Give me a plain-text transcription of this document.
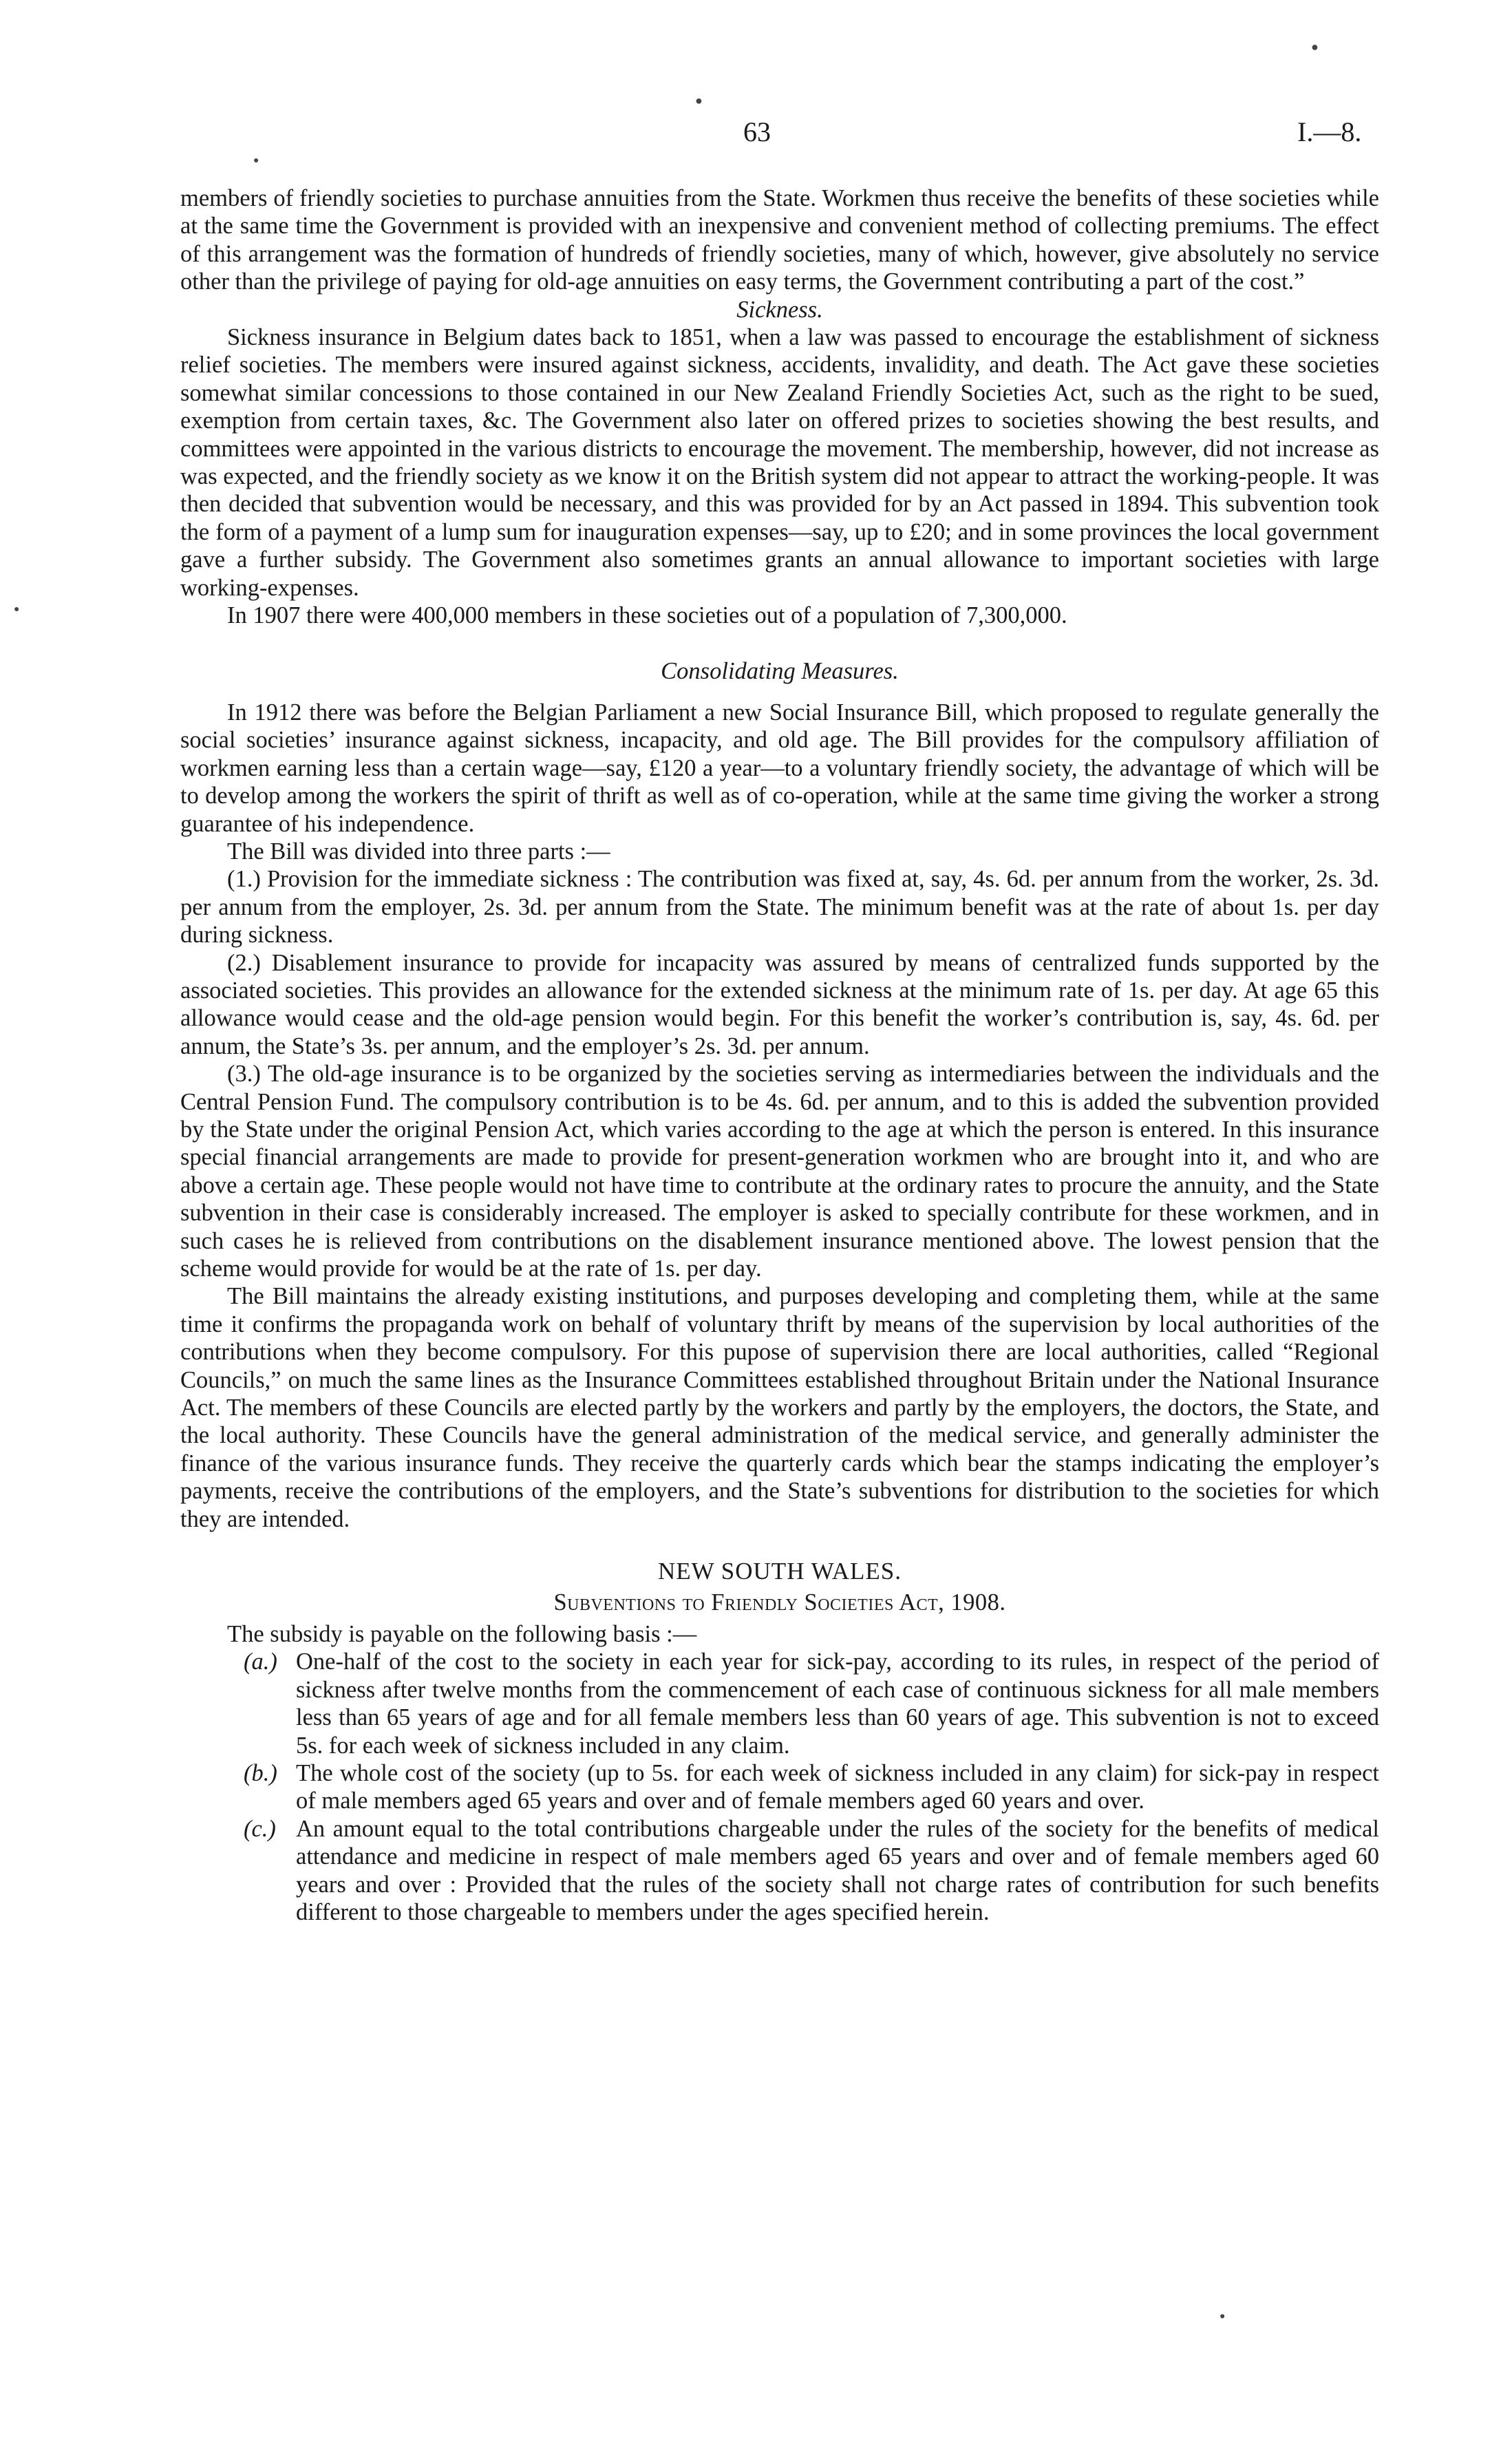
63	I.—8.
●
●
●
●
●

members of friendly societies to purchase annuities from the State. Workmen thus receive the benefits of these societies while at the same time the Government is provided with an inexpensive and convenient method of collecting premiums. The effect of this arrangement was the formation of hundreds of friendly societies, many of which, however, give absolutely no service other than the privilege of paying for old-age annuities on easy terms, the Government contributing a part of the cost.”

Sickness.

Sickness insurance in Belgium dates back to 1851, when a law was passed to encourage the establishment of sickness relief societies. The members were insured against sickness, accidents, invalidity, and death. The Act gave these societies somewhat similar concessions to those contained in our New Zealand Friendly Societies Act, such as the right to be sued, exemption from certain taxes, &c. The Government also later on offered prizes to societies showing the best results, and committees were appointed in the various districts to encourage the movement. The membership, however, did not increase as was expected, and the friendly society as we know it on the British system did not appear to attract the working-people. It was then decided that subvention would be necessary, and this was provided for by an Act passed in 1894. This subvention took the form of a payment of a lump sum for inauguration expenses—say, up to £20; and in some provinces the local government gave a further subsidy. The Government also sometimes grants an annual allowance to important societies with large working-expenses.

In 1907 there were 400,000 members in these societies out of a population of 7,300,000.

Consolidating Measures.

In 1912 there was before the Belgian Parliament a new Social Insurance Bill, which proposed to regulate generally the social societies’ insurance against sickness, incapacity, and old age. The Bill provides for the compulsory affiliation of workmen earning less than a certain wage—say, £120 a year—to a voluntary friendly society, the advantage of which will be to develop among the workers the spirit of thrift as well as of co-operation, while at the same time giving the worker a strong guarantee of his independence.

The Bill was divided into three parts :—

(1.) Provision for the immediate sickness : The contribution was fixed at, say, 4s. 6d. per annum from the worker, 2s. 3d. per annum from the employer, 2s. 3d. per annum from the State. The minimum benefit was at the rate of about 1s. per day during sickness.

(2.) Disablement insurance to provide for incapacity was assured by means of centralized funds supported by the associated societies. This provides an allowance for the extended sickness at the minimum rate of 1s. per day. At age 65 this allowance would cease and the old-age pension would begin. For this benefit the worker’s contribution is, say, 4s. 6d. per annum, the State’s 3s. per annum, and the employer’s 2s. 3d. per annum.

(3.) The old-age insurance is to be organized by the societies serving as intermediaries between the individuals and the Central Pension Fund. The compulsory contribution is to be 4s. 6d. per annum, and to this is added the subvention provided by the State under the original Pension Act, which varies according to the age at which the person is entered. In this insurance special financial arrangements are made to provide for present-generation workmen who are brought into it, and who are above a certain age. These people would not have time to contribute at the ordinary rates to procure the annuity, and the State subvention in their case is considerably increased. The employer is asked to specially contribute for these workmen, and in such cases he is relieved from contributions on the disablement insurance mentioned above. The lowest pension that the scheme would provide for would be at the rate of 1s. per day.

The Bill maintains the already existing institutions, and purposes developing and completing them, while at the same time it confirms the propaganda work on behalf of voluntary thrift by means of the supervision by local authorities of the contributions when they become compulsory. For this pupose of supervision there are local authorities, called “Regional Councils,” on much the same lines as the Insurance Committees established throughout Britain under the National Insurance Act. The members of these Councils are elected partly by the workers and partly by the employers, the doctors, the State, and the local authority. These Councils have the general administration of the medical service, and generally administer the finance of the various insurance funds. They receive the quarterly cards which bear the stamps indicating the employer’s payments, receive the contributions of the employers, and the State’s subventions for distribution to the societies for which they are intended.

NEW SOUTH WALES.

Subventions to Friendly Societies Act, 1908.

The subsidy is payable on the following basis :—

(a.) One-half of the cost to the society in each year for sick-pay, according to its rules, in respect of the period of sickness after twelve months from the commencement of each case of continuous sickness for all male members less than 65 years of age and for all female members less than 60 years of age. This subvention is not to exceed 5s. for each week of sickness included in any claim.

(b.) The whole cost of the society (up to 5s. for each week of sickness included in any claim) for sick-pay in respect of male members aged 65 years and over and of female members aged 60 years and over.

(c.) An amount equal to the total contributions chargeable under the rules of the society for the benefits of medical attendance and medicine in respect of male members aged 65 years and over and of female members aged 60 years and over : Provided that the rules of the society shall not charge rates of contribution for such benefits different to those chargeable to members under the ages specified herein.
